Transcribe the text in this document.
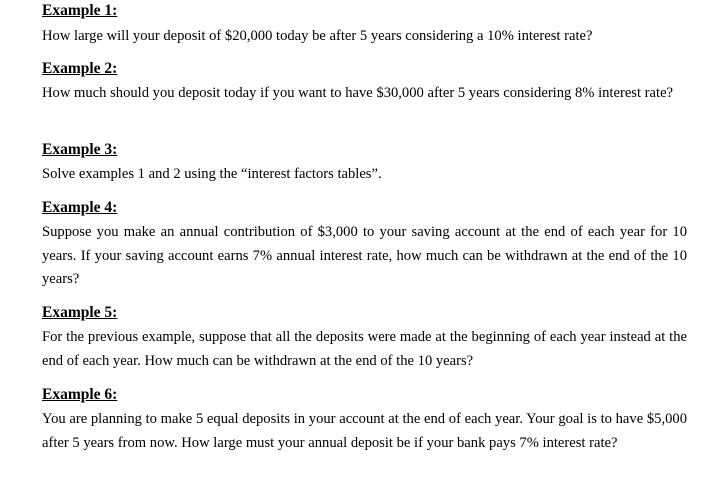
Example 1:

How large will your deposit of $20,000 today be after 5 years considering a 10% interest rate?

Example 2:

How much should you deposit today if you want to have $30,000 after 5 years considering 8% interest rate?

Example 3:

Solve examples 1 and 2 using the “interest factors tables”.

Example 4:

Suppose you make an annual contribution of $3,000 to your saving account at the end of each year for 10 years. If your saving account earns 7% annual interest rate, how much can be withdrawn at the end of the 10 years?

Example 5:

For the previous example, suppose that all the deposits were made at the beginning of each year instead at the end of each year. How much can be withdrawn at the end of the 10 years?

Example 6:

You are planning to make 5 equal deposits in your account at the end of each year. Your goal is to have $5,000 after 5 years from now. How large must your annual deposit be if your bank pays 7% interest rate?
